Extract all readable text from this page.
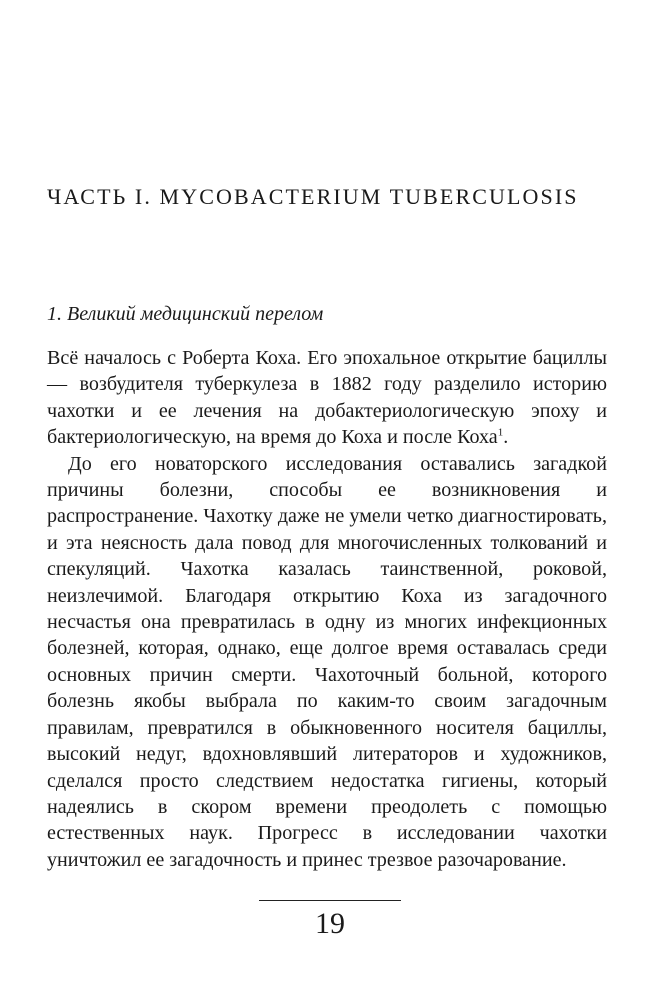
ЧАСТЬ I. MYCOBACTERIUM TUBERCULOSIS
1. Великий медицинский перелом

Всё началось с Роберта Коха. Его эпохальное открытие бациллы — возбудителя туберкулеза в 1882 году разделило историю чахотки и ее лечения на добактериологическую эпоху и бактериологическую, на время до Коха и после Коха$^1$.

До его новаторского исследования оставались загадкой причины болезни, способы ее возникновения и распространение. Чахотку даже не умели четко диагностировать, и эта неясность дала повод для многочисленных толкований и спекуляций. Чахотка казалась таинственной, роковой, неизлечимой. Благодаря открытию Коха из загадочного несчастья она превратилась в одну из многих инфекционных болезней, которая, однако, еще долгое время оставалась среди основных причин смерти. Чахоточный больной, которого болезнь якобы выбрала по каким-то своим загадочным правилам, превратился в обыкновенного носителя бациллы, высокий недуг, вдохновлявший литераторов и художников, сделался просто следствием недостатка гигиены, который надеялись в скором времени преодолеть с помощью естественных наук. Прогресс в исследовании чахотки уничтожил ее загадочность и принес трезвое разочарование.

19
